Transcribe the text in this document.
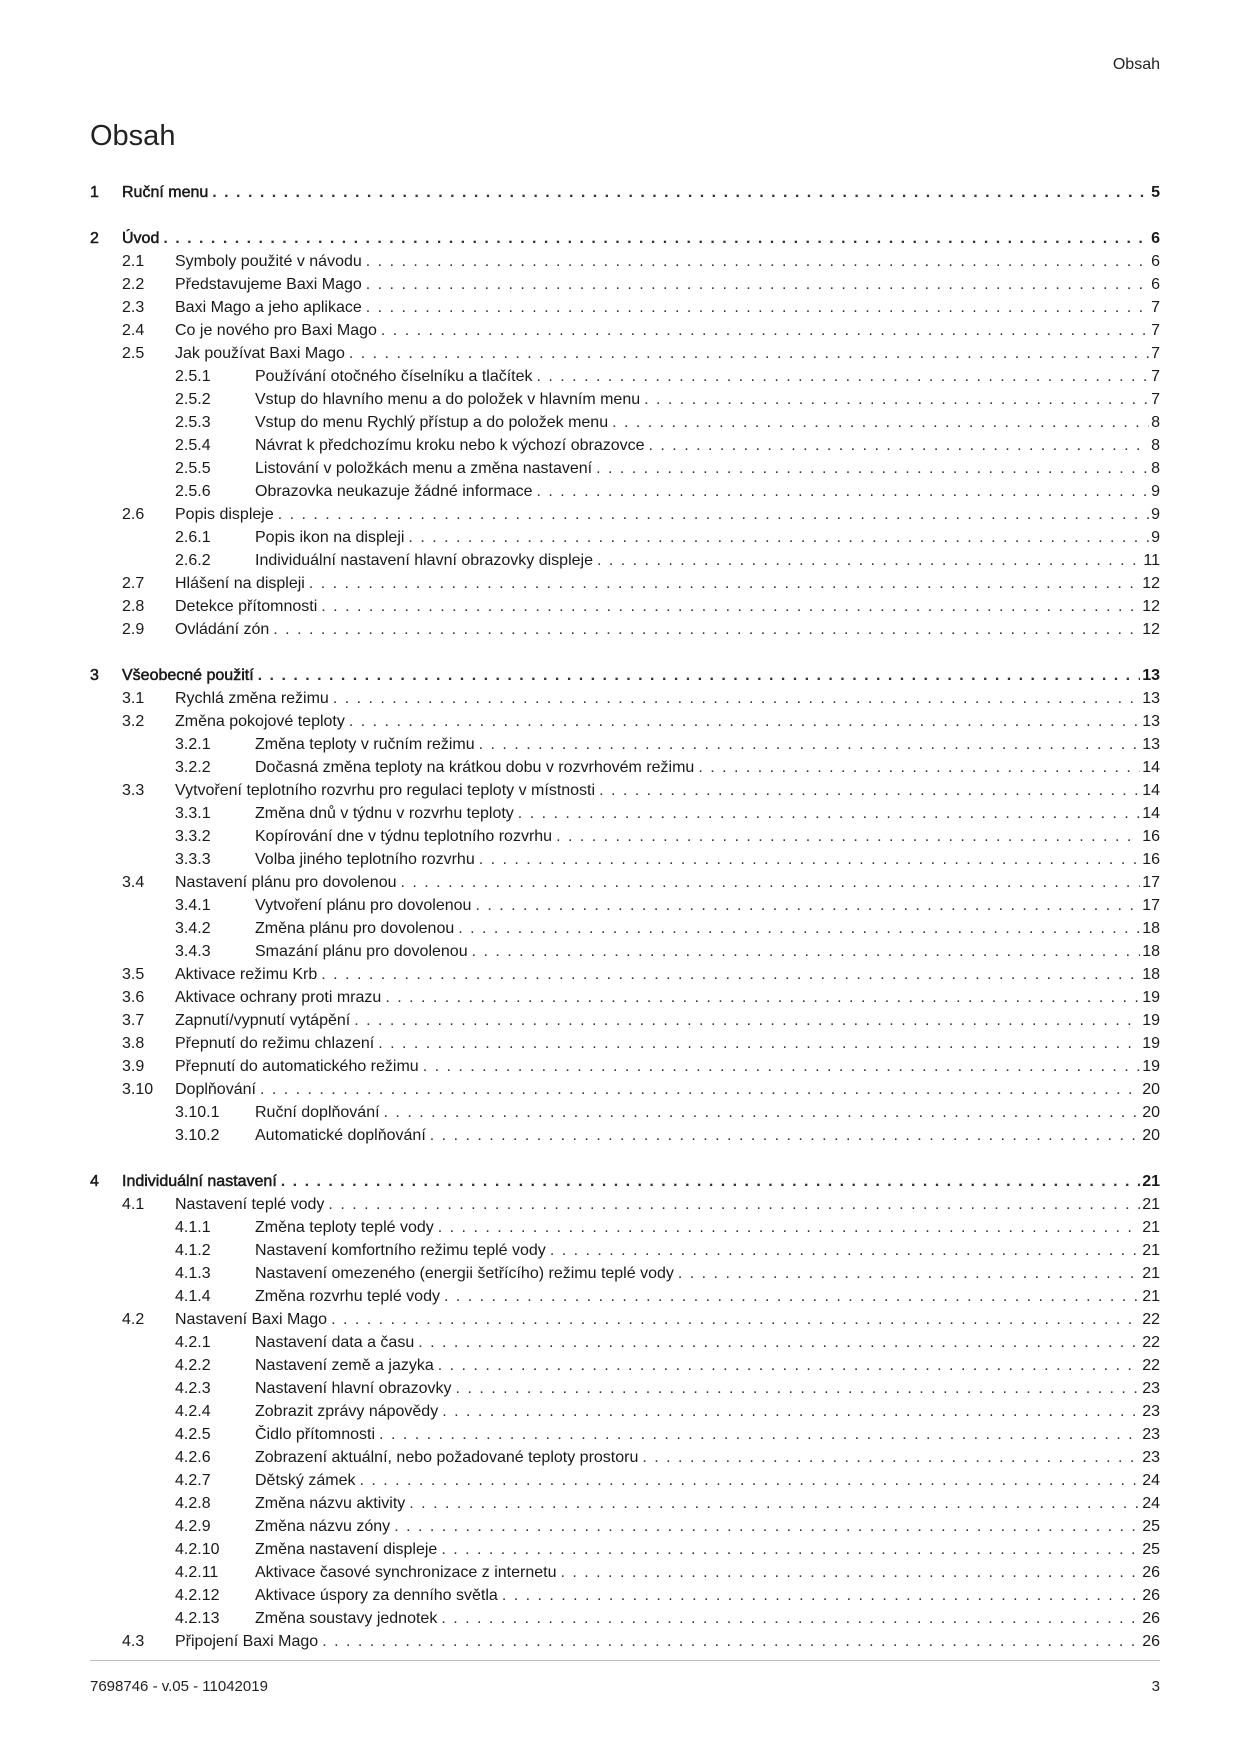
Obsah
Obsah
1 Ruční menu . . .	5
2 Úvod . . .	6
2.1 Symboly použité v návodu . . .	6
2.2 Představujeme Baxi Mago . . .	6
2.3 Baxi Mago a jeho aplikace . . .	7
2.4 Co je nového pro Baxi Mago . . .	7
2.5 Jak používat Baxi Mago . . .	7
2.5.1	Používání otočného číselníku a tlačítek . . .	7
2.5.2	Vstup do hlavního menu a do položek v hlavním menu . . .	7
2.5.3	Vstup do menu Rychlý přístup a do položek menu . . .	8
2.5.4	Návrat k předchozímu kroku nebo k výchozí obrazovce . . .	8
2.5.5	Listování v položkách menu a změna nastavení . . .	8
2.5.6	Obrazovka neukazuje žádné informace . . .	9
2.6 Popis displeje . . .	9
2.6.1	Popis ikon na displeji . . .	9
2.6.2	Individuální nastavení hlavní obrazovky displeje . . .	11
2.7 Hlášení na displeji . . .	12
2.8 Detekce přítomnosti . . .	12
2.9 Ovládání zón . . .	12
3 Všeobecné použití . . .	13
3.1 Rychlá změna režimu . . .	13
3.2 Změna pokojové teploty . . .	13
3.2.1	Změna teploty v ručním režimu . . .	13
3.2.2	Dočasná změna teploty na krátkou dobu v rozvrhovém režimu . . .	14
3.3 Vytvoření teplotního rozvrhu pro regulaci teploty v místnosti . . .	14
3.3.1	Změna dnů v týdnu v rozvrhu teploty . . .	14
3.3.2	Kopírování dne v týdnu teplotního rozvrhu . . .	16
3.3.3	Volba jiného teplotního rozvrhu . . .	16
3.4 Nastavení plánu pro dovolenou . . .	17
3.4.1	Vytvoření plánu pro dovolenou . . .	17
3.4.2	Změna plánu pro dovolenou . . .	18
3.4.3	Smazání plánu pro dovolenou . . .	18
3.5 Aktivace režimu Krb . . .	18
3.6 Aktivace ochrany proti mrazu . . .	19
3.7 Zapnutí/vypnutí vytápění . . .	19
3.8 Přepnutí do režimu chlazení . . .	19
3.9 Přepnutí do automatického režimu . . .	19
3.10 Doplňování . . .	20
3.10.1 Ruční doplňování . . .	20
3.10.2 Automatické doplňování . . .	20
4 Individuální nastavení . . .	21
4.1 Nastavení teplé vody . . .	21
4.1.1	Změna teploty teplé vody . . .	21
4.1.2	Nastavení komfortního režimu teplé vody . . .	21
4.1.3	Nastavení omezeného (energii šetřícího) režimu teplé vody . . .	21
4.1.4	Změna rozvrhu teplé vody . . .	21
4.2 Nastavení Baxi Mago . . .	22
4.2.1	Nastavení data a času . . .	22
4.2.2	Nastavení země a jazyka . . .	22
4.2.3	Nastavení hlavní obrazovky . . .	23
4.2.4	Zobrazit zprávy nápovědy . . .	23
4.2.5	Čidlo přítomnosti . . .	23
4.2.6	Zobrazení aktuální, nebo požadované teploty prostoru . . .	23
4.2.7	Dětský zámek . . .	24
4.2.8	Změna názvu aktivity . . .	24
4.2.9	Změna názvu zóny . . .	25
4.2.10 Změna nastavení displeje . . .	25
4.2.11 Aktivace časové synchronizace z internetu . . .	26
4.2.12 Aktivace úspory za denního světla . . .	26
4.2.13 Změna soustavy jednotek . . .	26
4.3 Připojení Baxi Mago . . .	26
7698746 - v.05 - 11042019	3
